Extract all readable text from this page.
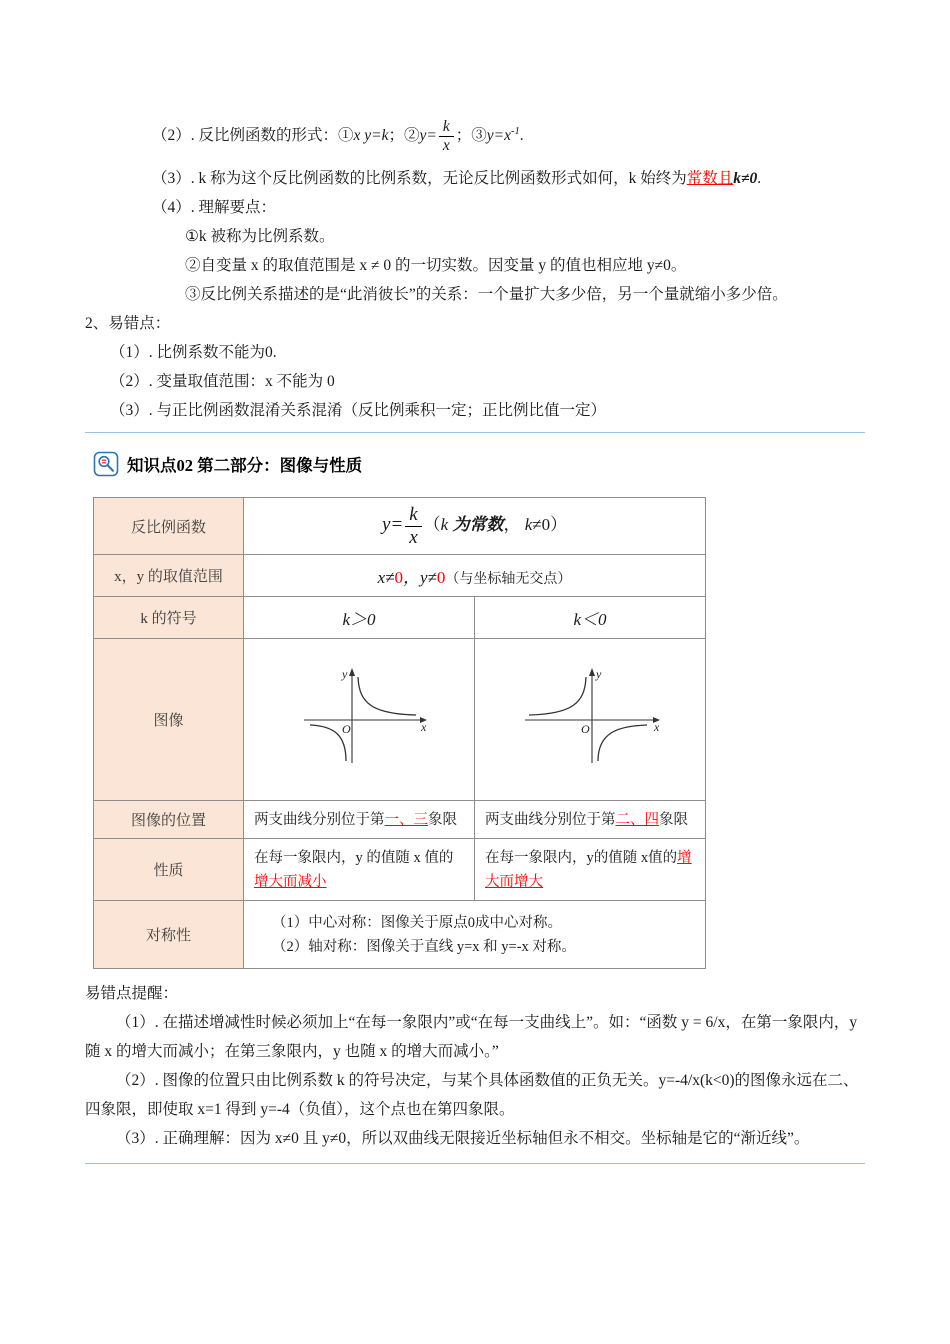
（2）. 反比例函数的形式：①x y=k；②y= $\frac{k}{x}$ ；$③y=x^{-1}$.
（3）. k 称为这个反比例函数的比例系数，无论反比例函数形式如何，k 始终为常数且k≠0.
（4）. 理解要点：
①k 被称为比例系数。
②自变量 x 的取值范围是 x ≠ 0 的一切实数。因变量 y 的值也相应地 y≠0。
③反比例关系描述的是“此消彼长”的关系：一个量扩大多少倍，另一个量就缩小多少倍。
2、易错点：
（1）. 比例系数不能为0.
（2）. 变量取值范围：x 不能为 0
（3）. 与正比例函数混淆关系混淆（反比例乘积一定；正比例比值一定）
知识点02 第二部分：图像与性质
反比例函数	$y= \frac{k}{x} (k$ 为常数， k≠0）	
x，y 的取值范围	x≠0，y≠0（与坐标轴无交点）	
k 的符号	k＞0	k＜0
图像	y
O x	y
O x

图像的位置	两支曲线分别位于第一、三象限	两支曲线分别位于第二、四象限
性质	在每一象限内，y 的值随 x 值的增大而减小	在每一象限内，y的值随 x值的增大而增大
对称性	（1）中心对称：图像关于原点0成中心对称。
（2）轴对称：图像关于直线 y=x 和 y=-x 对称。	
易错点提醒：

（1）. 在描述增减性时候必须加上“在每一象限内”或“在每一支曲线上”。如：“函数 y = 6/x，在第一象限内，y 随 x 的增大而减小；在第三象限内，y 也随 x 的增大而减小。”

（2）. 图像的位置只由比例系数 k 的符号决定，与某个具体函数值的正负无关。y=-4/x(k<0)的图像永远在二、四象限，即使取 x=1 得到 y=-4（负值），这个点也在第四象限。

（3）. 正确理解：因为 x≠0 且 y≠0，所以双曲线无限接近坐标轴但永不相交。坐标轴是它的“渐近线”。
